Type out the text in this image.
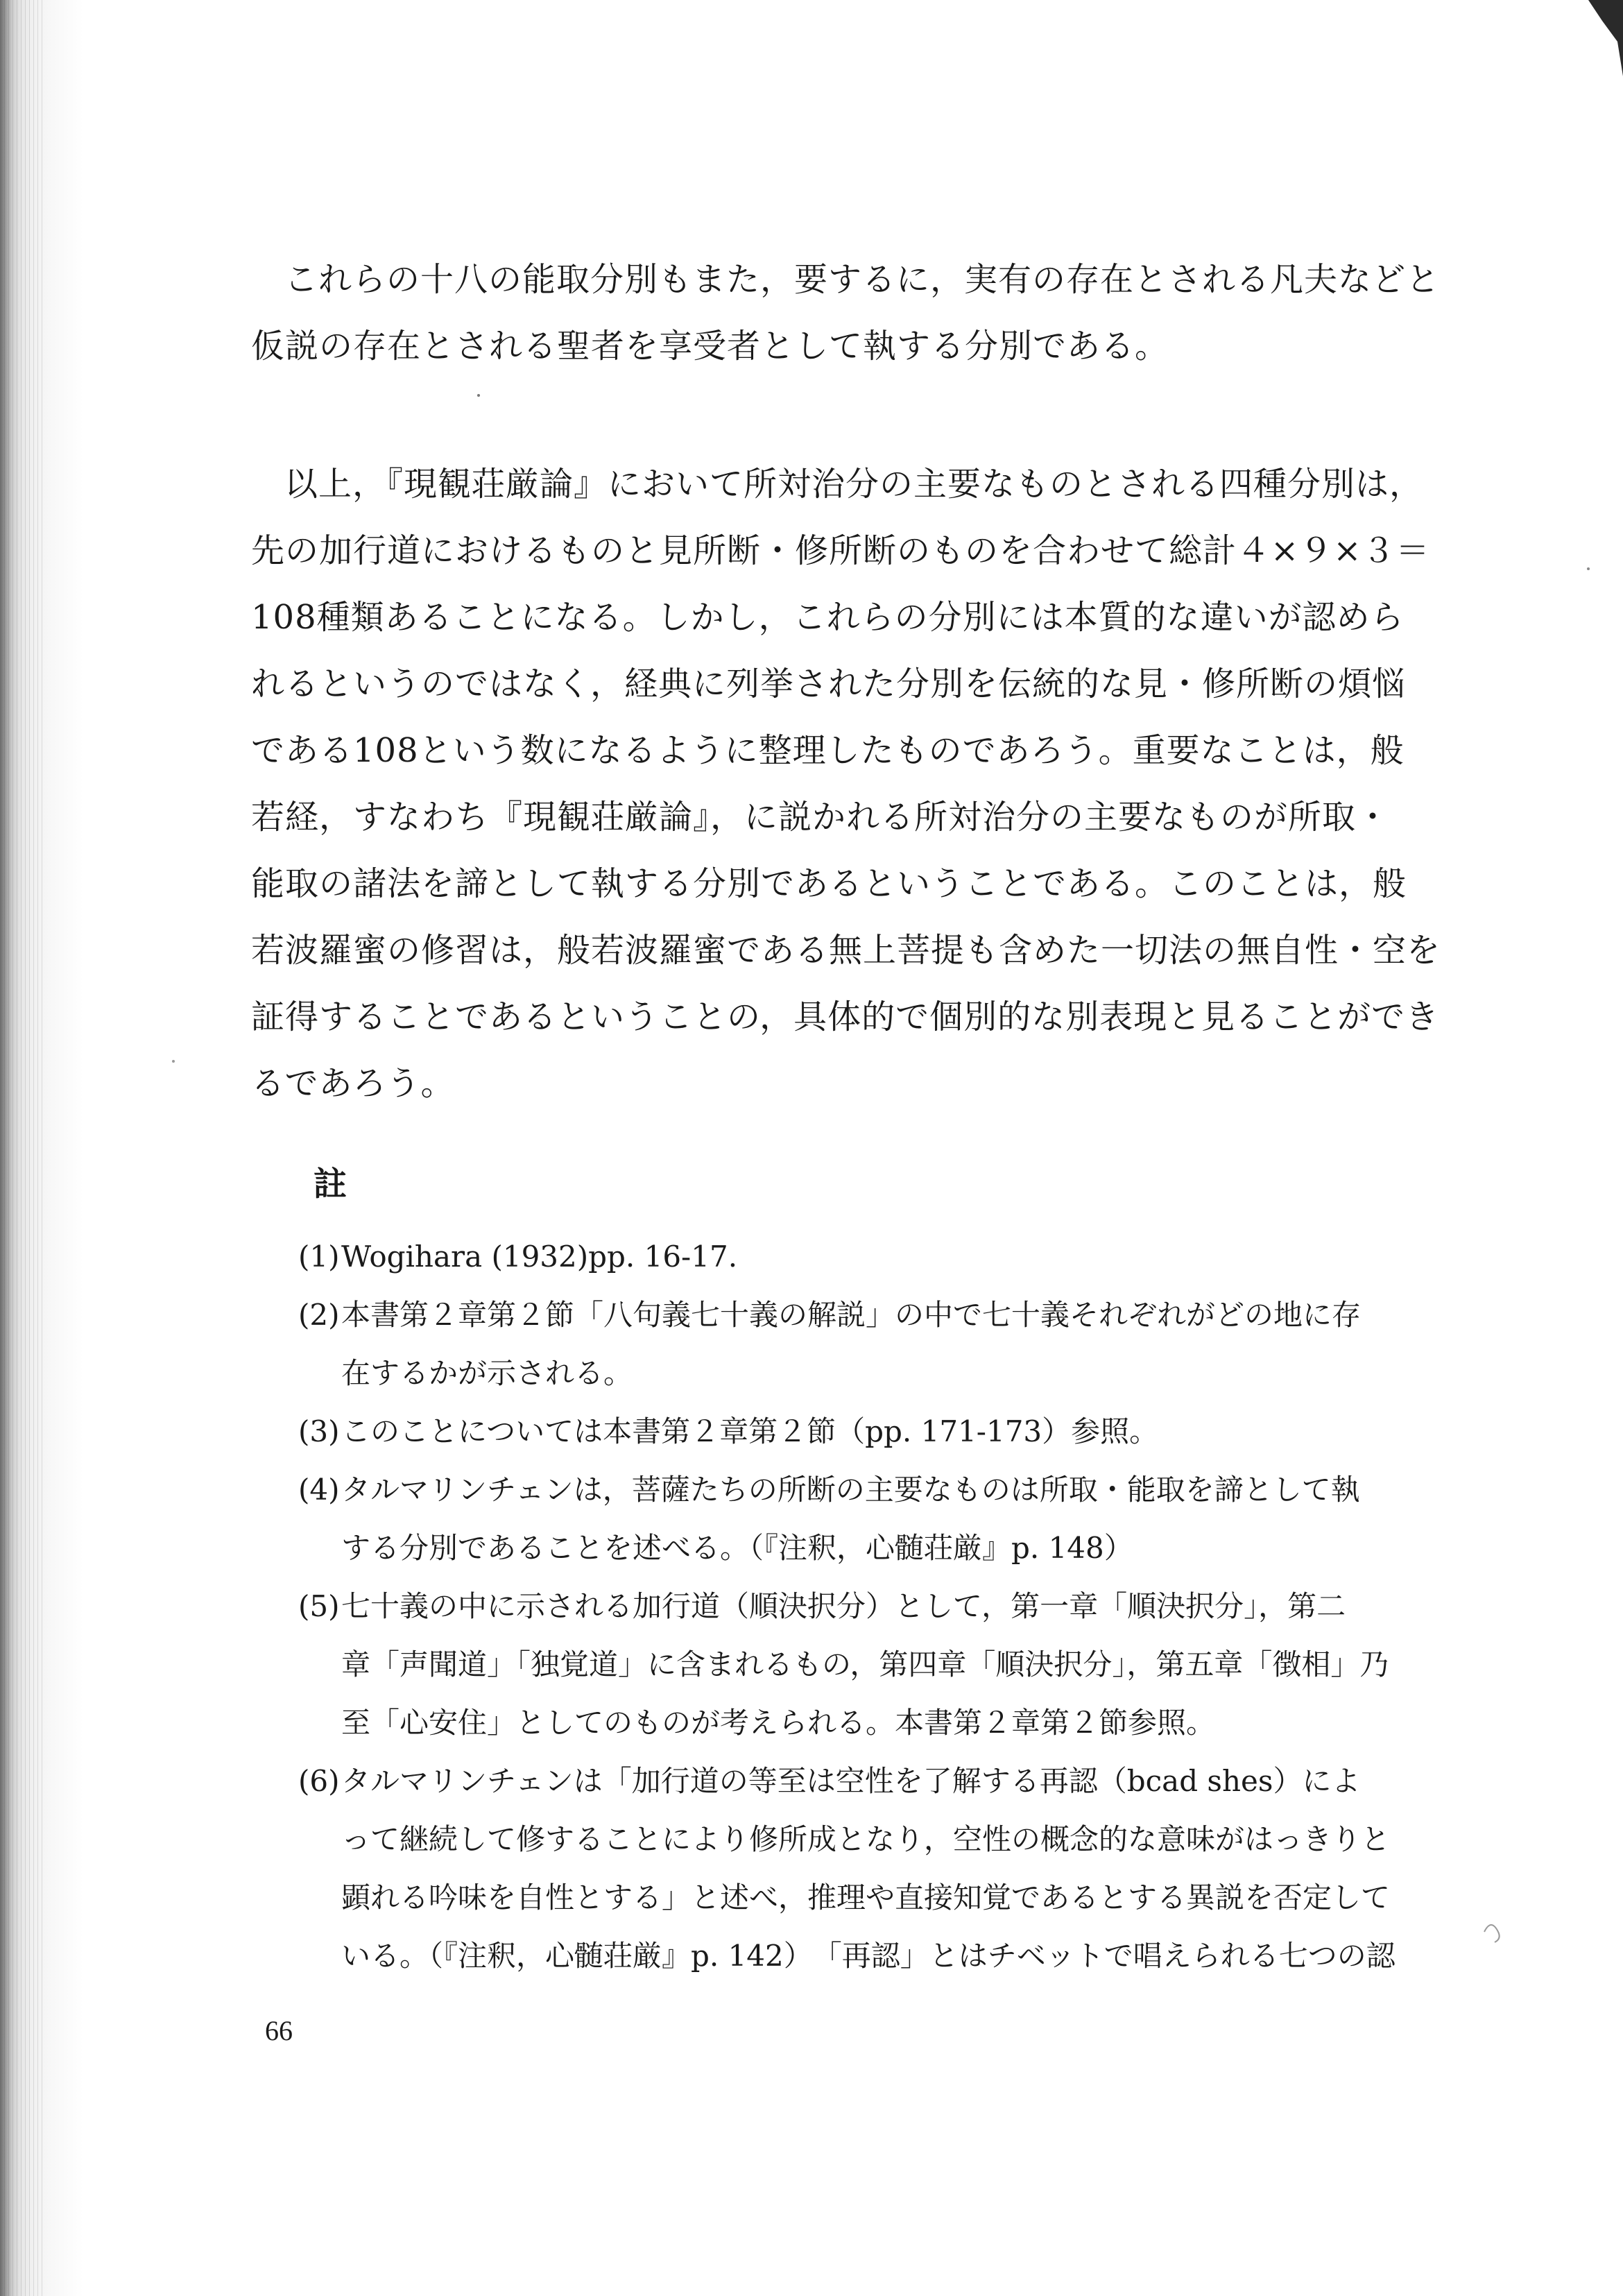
これらの十八の能取分別もまた，要するに，実有の存在とされる凡夫などと
仮説の存在とされる聖者を享受者として執する分別である。
以上，『現観荘厳論』において所対治分の主要なものとされる四種分別は，
先の加行道におけるものと見所断・修所断のものを合わせて総計４×９×３＝
108種類あることになる。しかし，これらの分別には本質的な違いが認めら
れるというのではなく，経典に列挙された分別を伝統的な見・修所断の煩悩
である108という数になるように整理したものであろう。重要なことは，般
若経，すなわち『現観荘厳論』，に説かれる所対治分の主要なものが所取・
能取の諸法を諦として執する分別であるということである。このことは，般
若波羅蜜の修習は，般若波羅蜜である無上菩提も含めた一切法の無自性・空を
証得することであるということの，具体的で個別的な別表現と見ることができ
るであろう。
註
(1)Wogihara (1932)pp. 16-17.
(2)本書第２章第２節「八句義七十義の解説」の中で七十義それぞれがどの地に存
在するかが示される。
(3)このことについては本書第２章第２節（pp. 171-173）参照。
(4)タルマリンチェンは，菩薩たちの所断の主要なものは所取・能取を諦として執
する分別であることを述べる。（『注釈，心髄荘厳』p. 148）
(5)七十義の中に示される加行道（順決択分）として，第一章「順決択分」，第二
章「声聞道」「独覚道」に含まれるもの，第四章「順決択分」，第五章「徴相」乃
至「心安住」としてのものが考えられる。本書第２章第２節参照。
(6)タルマリンチェンは「加行道の等至は空性を了解する再認（bcad shes）によ
って継続して修することにより修所成となり，空性の概念的な意味がはっきりと
顕れる吟味を自性とする」と述べ，推理や直接知覚であるとする異説を否定して
いる。（『注釈，心髄荘厳』p. 142）　「再認」とはチベットで唱えられる七つの認
66
